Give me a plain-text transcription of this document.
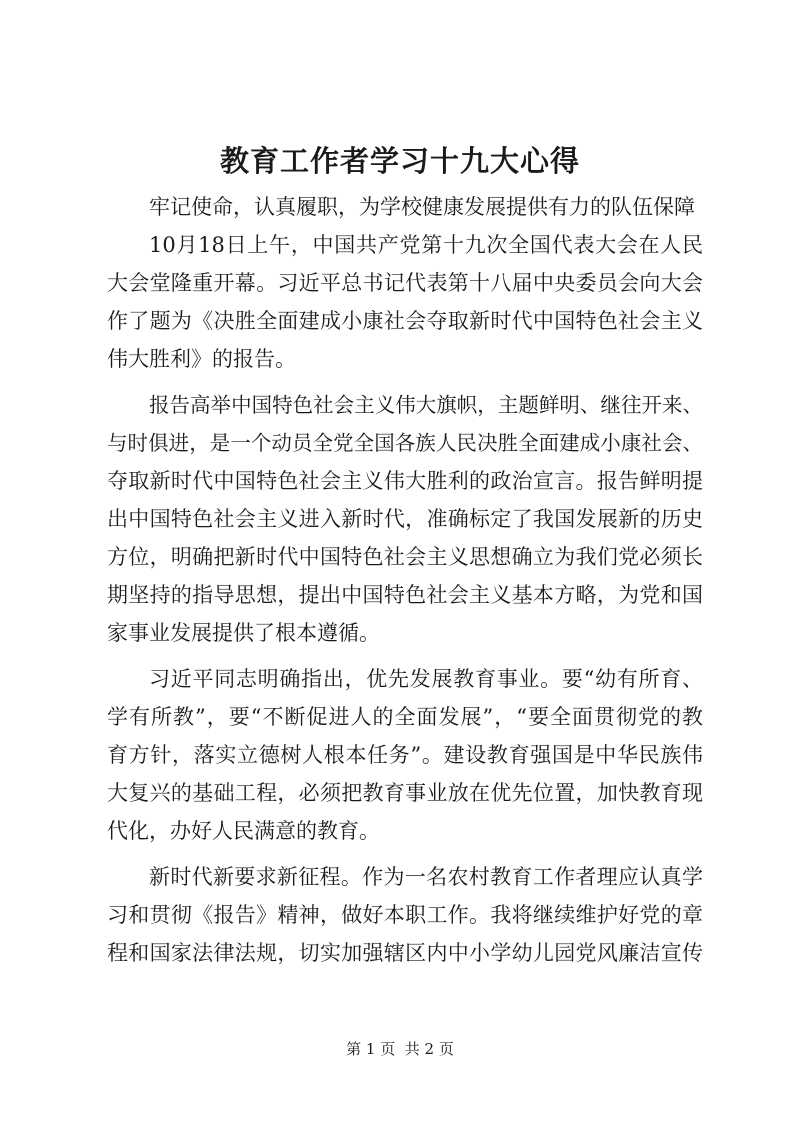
教育工作者学习十九大心得
牢记使命，认真履职，为学校健康发展提供有力的队伍保障
10月18日上午，中国共产党第十九次全国代表大会在人民
大会堂隆重开幕。习近平总书记代表第十八届中央委员会向大会
作了题为《决胜全面建成小康社会夺取新时代中国特色社会主义
伟大胜利》的报告。
报告高举中国特色社会主义伟大旗帜，主题鲜明、继往开来、
与时俱进，是一个动员全党全国各族人民决胜全面建成小康社会、
夺取新时代中国特色社会主义伟大胜利的政治宣言。报告鲜明提
出中国特色社会主义进入新时代，准确标定了我国发展新的历史
方位，明确把新时代中国特色社会主义思想确立为我们党必须长
期坚持的指导思想，提出中国特色社会主义基本方略，为党和国
家事业发展提供了根本遵循。
习近平同志明确指出，优先发展教育事业。要“幼有所育、
学有所教”，要“不断促进人的全面发展”，“要全面贯彻党的教
育方针，落实立德树人根本任务”。建设教育强国是中华民族伟
大复兴的基础工程，必须把教育事业放在优先位置，加快教育现
代化，办好人民满意的教育。
新时代新要求新征程。作为一名农村教育工作者理应认真学
习和贯彻《报告》精神，做好本职工作。我将继续维护好党的章
程和国家法律法规，切实加强辖区内中小学幼儿园党风廉洁宣传
第 1 页  共 2 页
